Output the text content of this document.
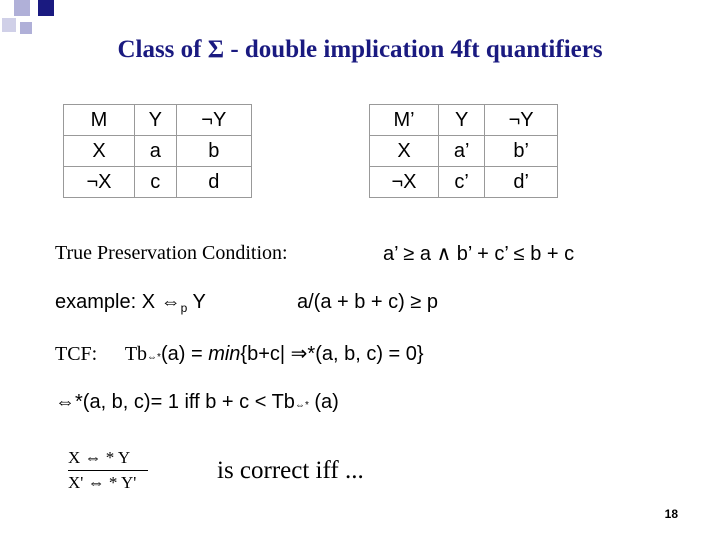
Class of Σ - double implication 4ft quantifiers
M	Y	¬Y
X	a	b
¬X	c	d
M’	Y	¬Y
X	a’	b’
¬X	c’	d’
True Preservation Condition:	a’ ≥ a ∧ b’ + c’ ≤ b + c
example: X $\Leftrightarrow_p$ Y	a/(a + b + c) ≥ p
TCF: Tb⇔*(a) = min{b+c| ⇒*(a, b, c) = 0}
⇔*(a, b, c)= 1 iff b + c < Tb⇔* (a)
X ⇔ * Y
X' ⇔ * Y'	is correct iff ...
18
